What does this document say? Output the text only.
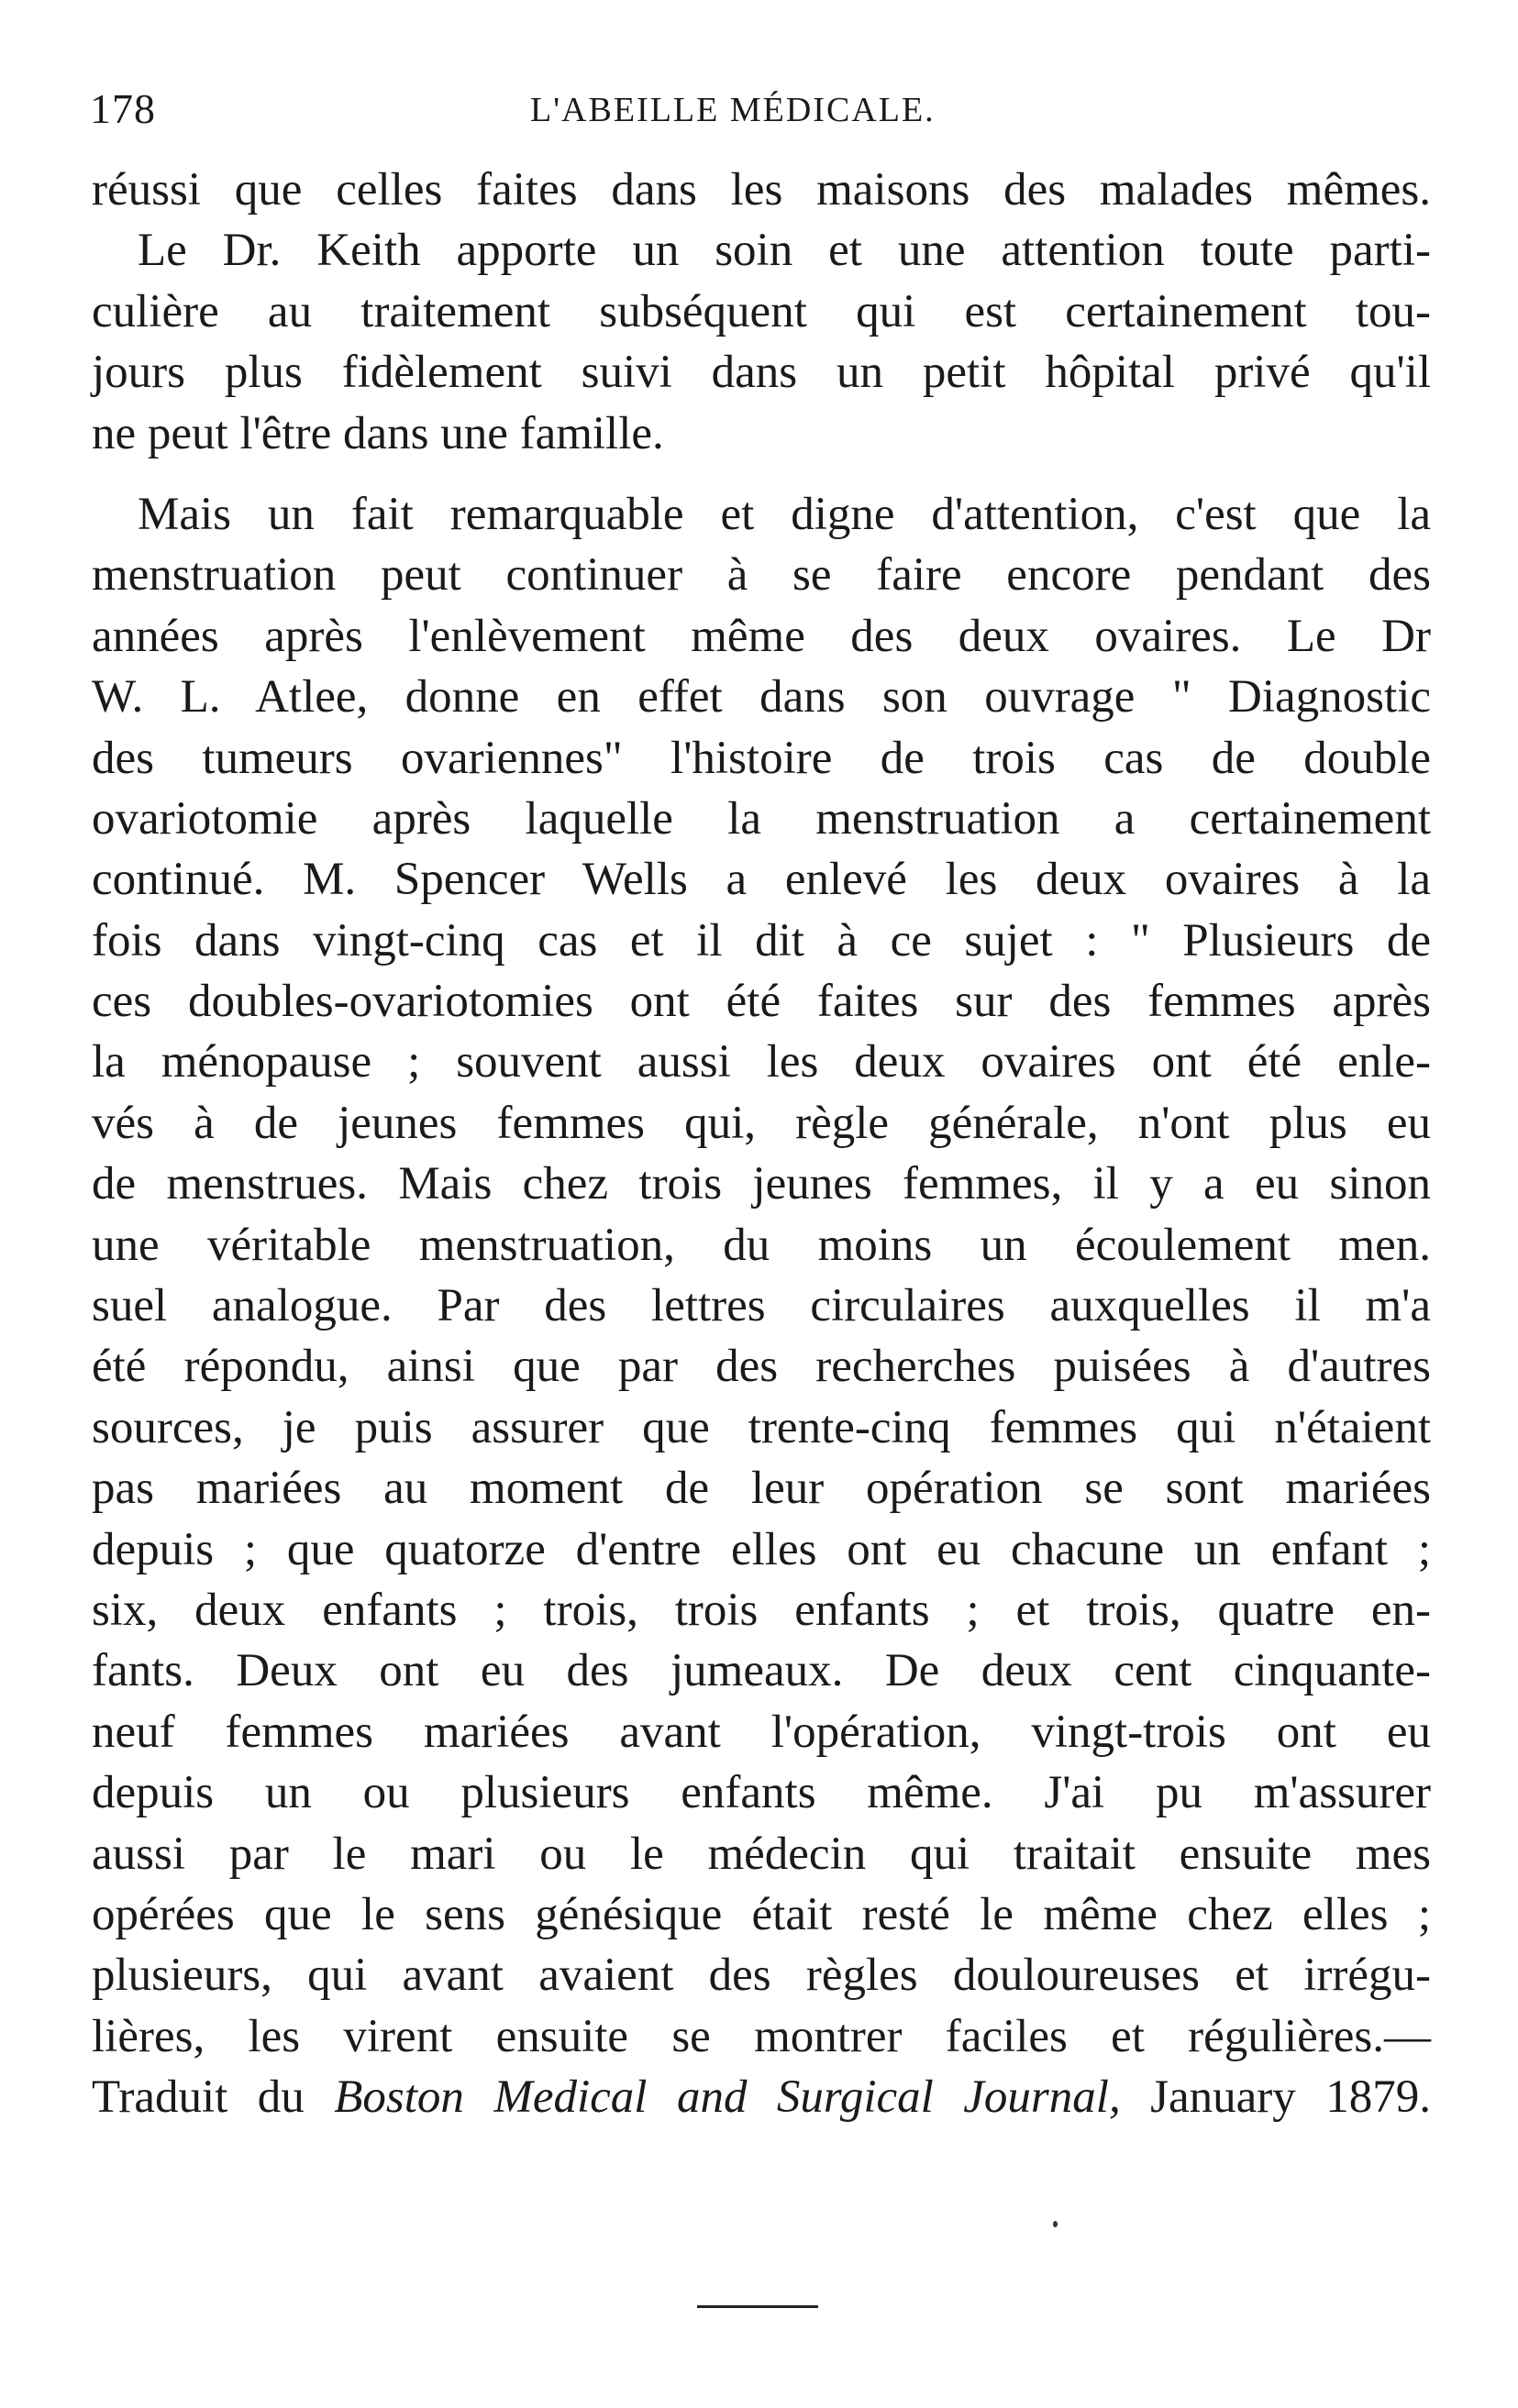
178	L'ABEILLE MÉDICALE.
réussi que celles faites dans les maisons des malades mêmes.
Le Dr. Keith apporte un soin et une attention toute parti-
culière au traitement subséquent qui est certainement tou-
jours plus fidèlement suivi dans un petit hôpital privé qu'il
ne peut l'être dans une famille.
Mais un fait remarquable et digne d'attention, c'est que la
menstruation peut continuer à se faire encore pendant des
années après l'enlèvement même des deux ovaires. Le Dr
W. L. Atlee, donne en effet dans son ouvrage " Diagnostic
des tumeurs ovariennes" l'histoire de trois cas de double
ovariotomie après laquelle la menstruation a certainement
continué. M. Spencer Wells a enlevé les deux ovaires à la
fois dans vingt-cinq cas et il dit à ce sujet : " Plusieurs de
ces doubles-ovariotomies ont été faites sur des femmes après
la ménopause ; souvent aussi les deux ovaires ont été enle-
vés à de jeunes femmes qui, règle générale, n'ont plus eu
de menstrues. Mais chez trois jeunes femmes, il y a eu sinon
une véritable menstruation, du moins un écoulement men.
suel analogue. Par des lettres circulaires auxquelles il m'a
été répondu, ainsi que par des recherches puisées à d'autres
sources, je puis assurer que trente-cinq femmes qui n'étaient
pas mariées au moment de leur opération se sont mariées
depuis ; que quatorze d'entre elles ont eu chacune un enfant ;
six, deux enfants ; trois, trois enfants ; et trois, quatre en-
fants. Deux ont eu des jumeaux. De deux cent cinquante-
neuf femmes mariées avant l'opération, vingt-trois ont eu
depuis un ou plusieurs enfants même. J'ai pu m'assurer
aussi par le mari ou le médecin qui traitait ensuite mes
opérées que le sens génésique était resté le même chez elles ;
plusieurs, qui avant avaient des règles douloureuses et irrégu-
lières, les virent ensuite se montrer faciles et régulières.—
Traduit du Boston Medical and Surgical Journal, January 1879.
